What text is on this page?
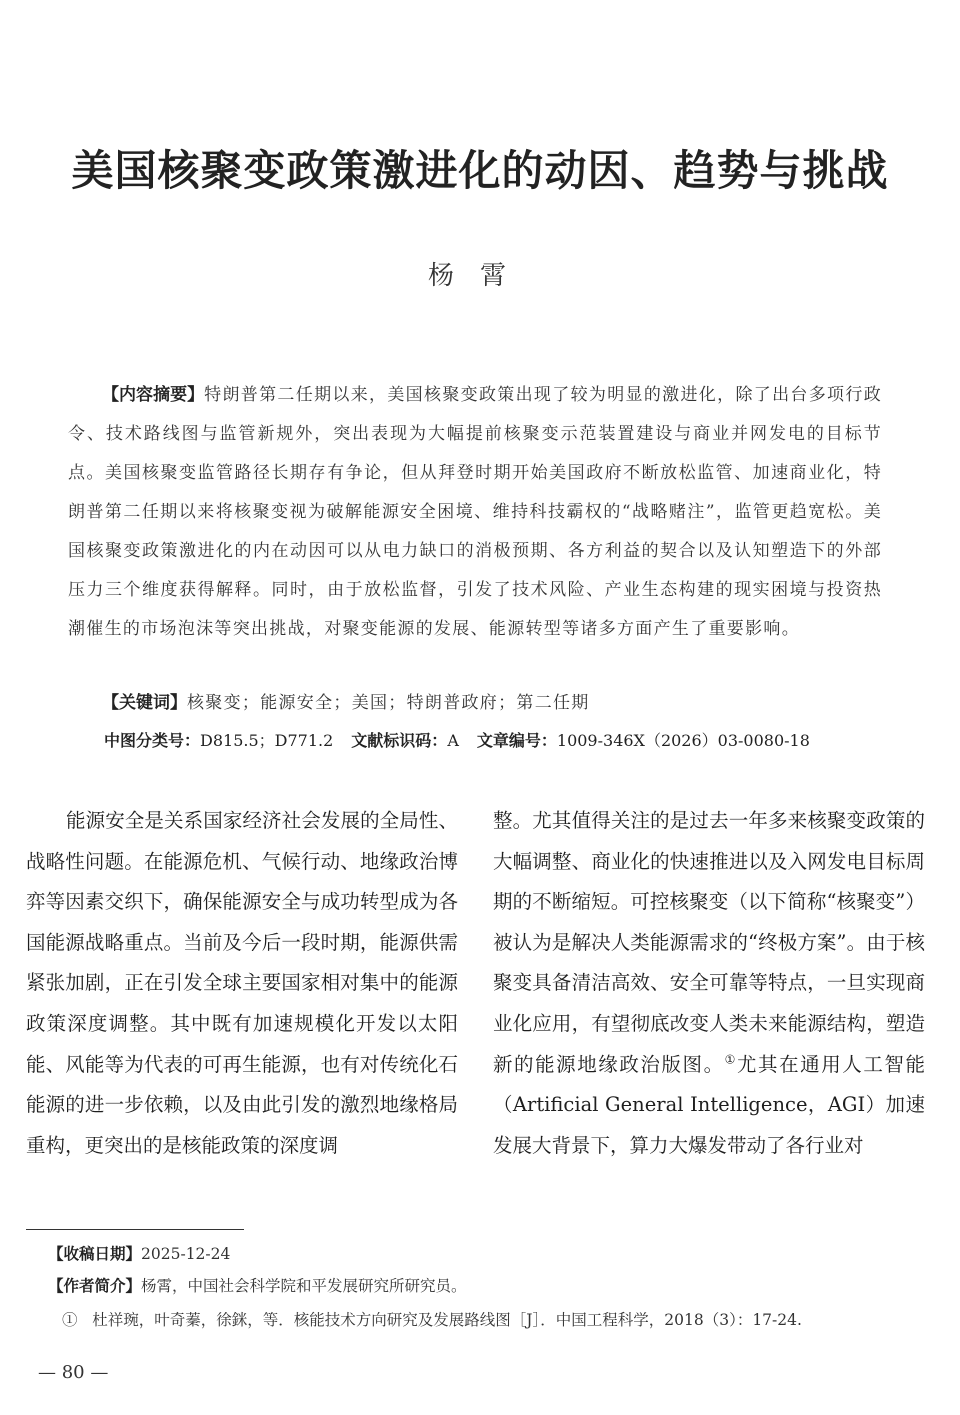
美国核聚变政策激进化的动因、趋势与挑战
杨霄
【内容摘要】特朗普第二任期以来，美国核聚变政策出现了较为明显的激进化，除了出台多项行政令、技术路线图与监管新规外，突出表现为大幅提前核聚变示范装置建设与商业并网发电的目标节点。美国核聚变监管路径长期存有争论，但从拜登时期开始美国政府不断放松监管、加速商业化，特朗普第二任期以来将核聚变视为破解能源安全困境、维持科技霸权的“战略赌注”，监管更趋宽松。美国核聚变政策激进化的内在动因可以从电力缺口的消极预期、各方利益的契合以及认知塑造下的外部压力三个维度获得解释。同时，由于放松监督，引发了技术风险、产业生态构建的现实困境与投资热潮催生的市场泡沫等突出挑战，对聚变能源的发展、能源转型等诸多方面产生了重要影响。
【关键词】核聚变；能源安全；美国；特朗普政府；第二任期
中图分类号：D815.5；D771.2 文献标识码：A 文章编号：1009-346X（2026）03-0080-18
能源安全是关系国家经济社会发展的全局性、战略性问题。在能源危机、气候行动、地缘政治博弈等因素交织下，确保能源安全与成功转型成为各国能源战略重点。当前及今后一段时期，能源供需紧张加剧，正在引发全球主要国家相对集中的能源政策深度调整。其中既有加速规模化开发以太阳能、风能等为代表的可再生能源，也有对传统化石能源的进一步依赖，以及由此引发的激烈地缘格局重构，更突出的是核能政策的深度调
整。尤其值得关注的是过去一年多来核聚变政策的大幅调整、商业化的快速推进以及入网发电目标周期的不断缩短。可控核聚变（以下简称“核聚变”）被认为是解决人类能源需求的“终极方案”。由于核聚变具备清洁高效、安全可靠等特点，一旦实现商业化应用，有望彻底改变人类未来能源结构，塑造新的能源地缘政治版图。①尤其在通用人工智能（Artificial General Intelligence，AGI）加速发展大背景下，算力大爆发带动了各行业对
【收稿日期】2025-12-24
【作者简介】杨霄，中国社会科学院和平发展研究所研究员。
① 杜祥琬，叶奇蓁，徐銤，等．核能技术方向研究及发展路线图［J］．中国工程科学，2018（3）：17-24.
— 80 —
